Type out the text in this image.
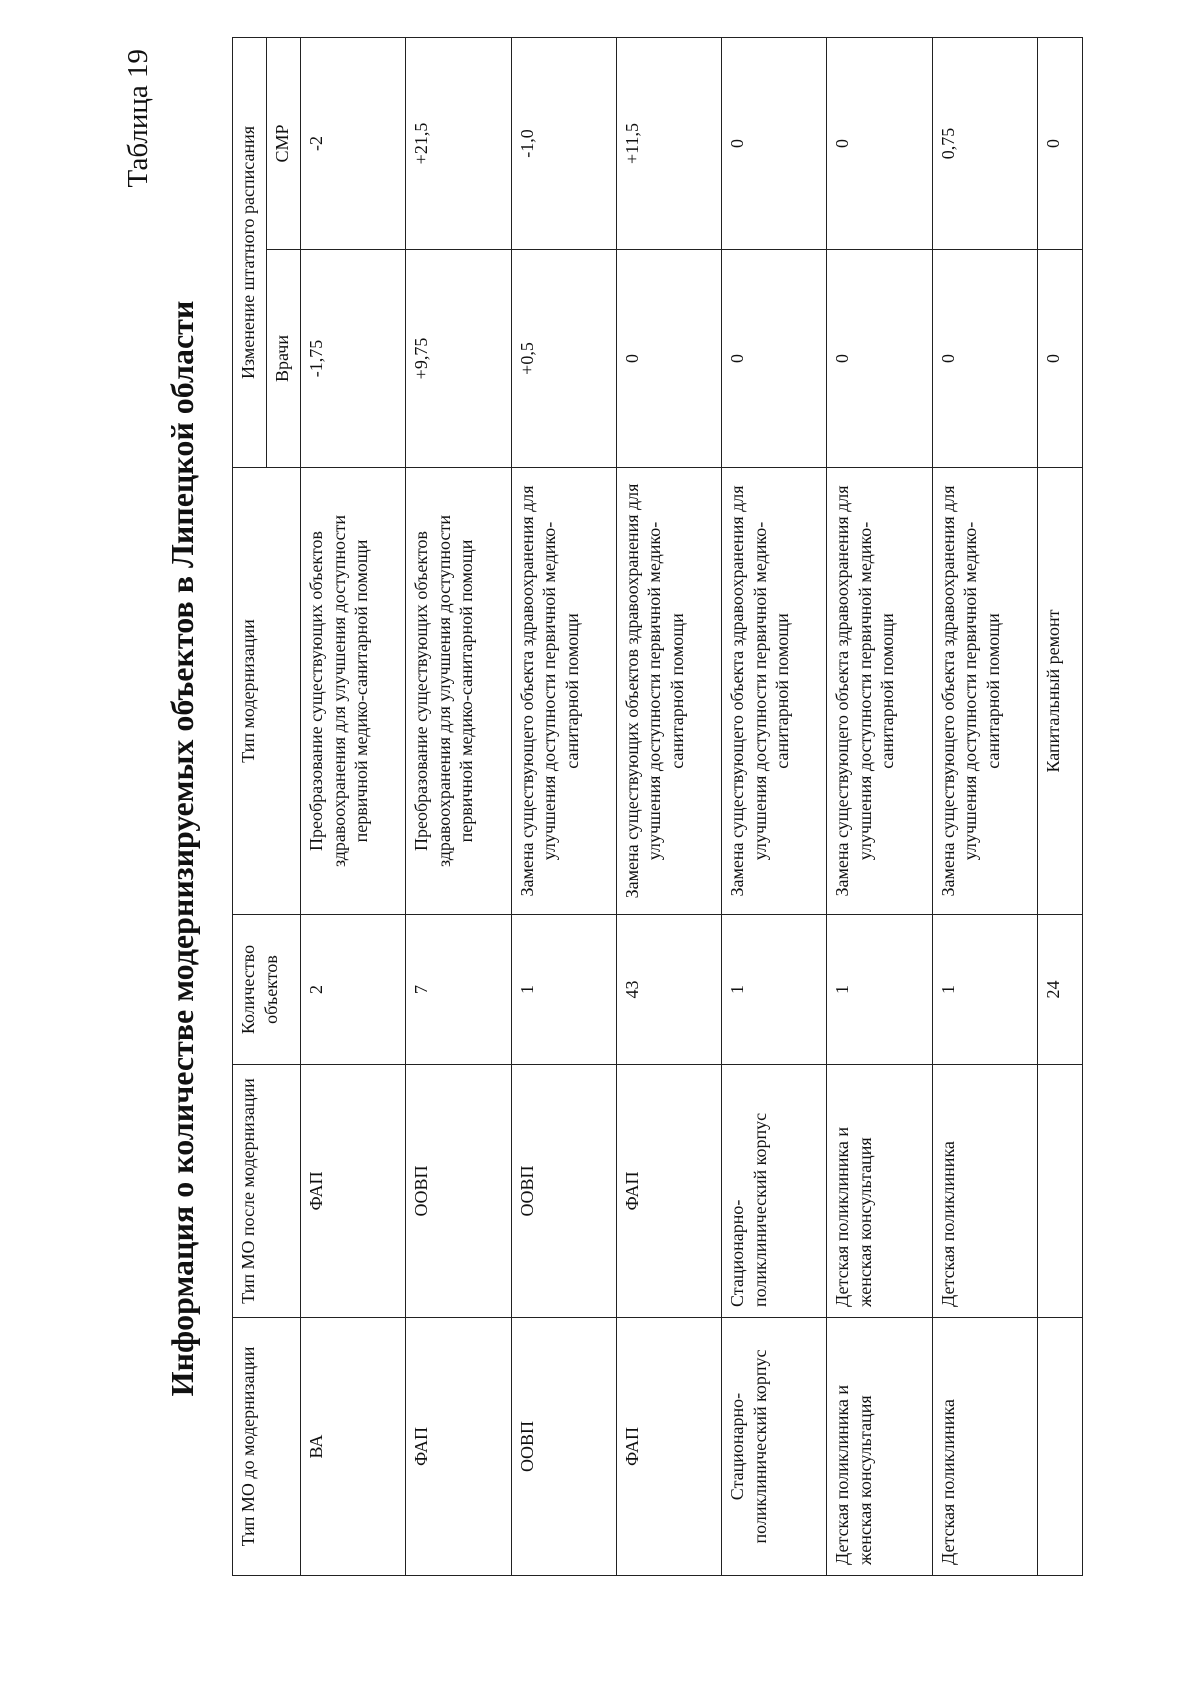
Таблица 19
Информация о количестве модернизируемых объектов в Липецкой области
Тип МО до модернизации	Тип МО после модернизации	Количество объектов	Тип модернизации	Изменение штатного расписания	
				Врачи	СМР
ВА	ФАП	2	Преобразование существующих объектов здравоохранения для улучшения доступности первичной медико-санитарной помощи	-1,75	-2
ФАП	ООВП	7	Преобразование существующих объектов здравоохранения для улучшения доступности первичной медико-санитарной помощи	+9,75	+21,5
ООВП	ООВП	1	Замена существующего объекта здравоохранения для улучшения доступности первичной медико-санитарной помощи	+0,5	-1,0
ФАП	ФАП	43	Замена существующих объектов здравоохранения для улучшения доступности первичной медико-санитарной помощи	0	+11,5
Стационарно-поликлинический корпус	Стационарно-поликлинический корпус	1	Замена существующего объекта здравоохранения для улучшения доступности первичной медико-санитарной помощи	0	0
Детская поликлиника и женская консультация	Детская поликлиника и женская консультация	1	Замена существующего объекта здравоохранения для улучшения доступности первичной медико-санитарной помощи	0	0
Детская поликлиника	Детская поликлиника	1	Замена существующего объекта здравоохранения для улучшения доступности первичной медико-санитарной помощи	0	0,75
		24	Капитальный ремонт	0	0
